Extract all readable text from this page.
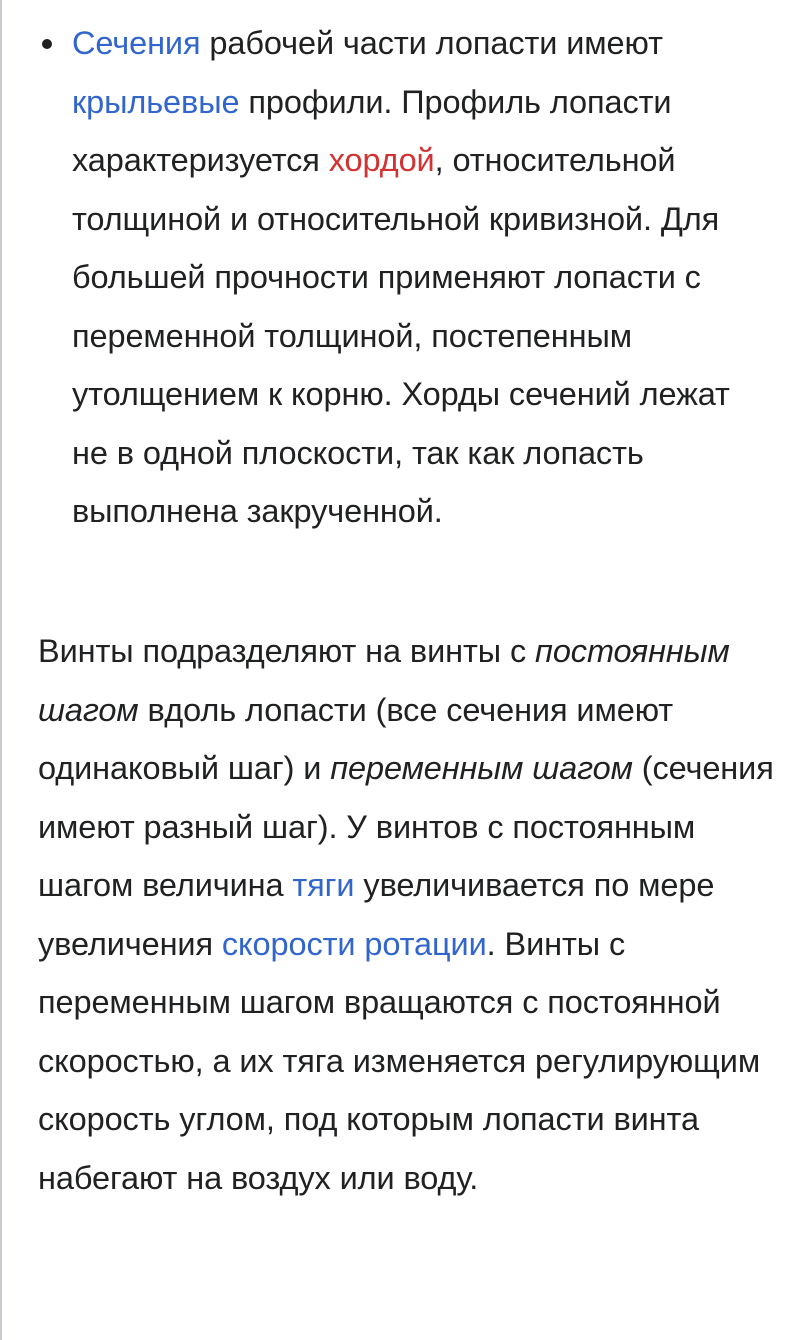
Сечения рабочей части лопасти имеют крыльевые профили. Профиль лопасти характеризуется хордой, относительной толщиной и относительной кривизной. Для большей прочности применяют лопасти с переменной толщиной, постепенным утолщением к корню. Хорды сечений лежат не в одной плоскости, так как лопасть выполнена закрученной.
Винты подразделяют на винты с постоянным шагом вдоль лопасти (все сечения имеют одинаковый шаг) и переменным шагом (сечения имеют разный шаг). У винтов с постоянным шагом величина тяги увеличивается по мере увеличения скорости ротации. Винты с переменным шагом вращаются с постоянной скоростью, а их тяга изменяется регулирующим скорость углом, под которым лопасти винта набегают на воздух или воду.
